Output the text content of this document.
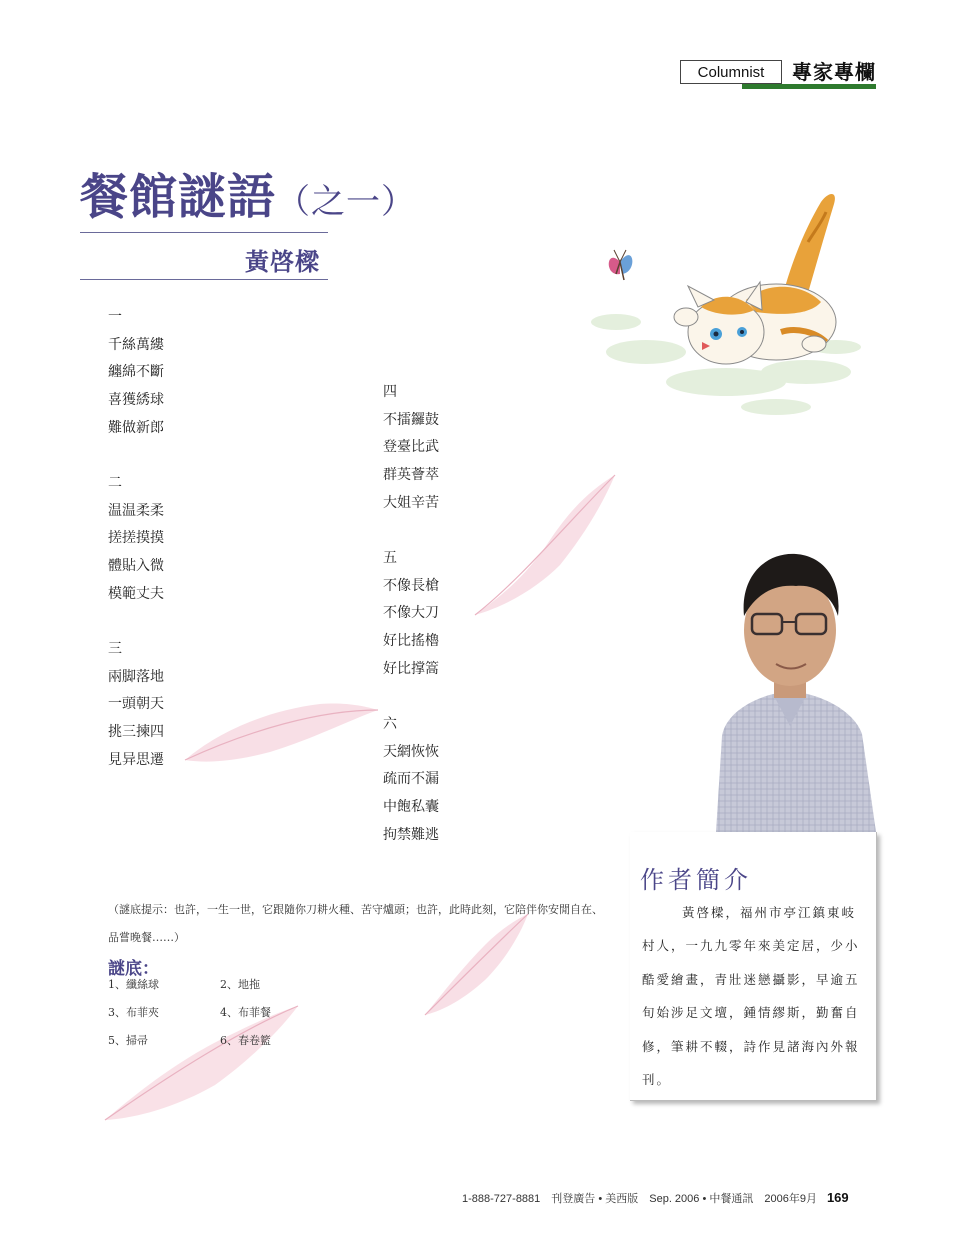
Columnist	專家專欄
餐館謎語（之一）
黃啓樑
一
千絲萬縷
纏綿不斷
喜獲綉球
難做新郎
二
温温柔柔
搓搓摸摸
體貼入微
模範丈夫
三
兩脚落地
一頭朝天
挑三揀四
見异思遷
四
不擂鑼鼓
登臺比武
群英薈萃
大姐辛苦
五
不像長槍
不像大刀
好比搖櫓
好比撑篙
六
天網恢恢
疏而不漏
中飽私囊
拘禁難逃
（謎底提示：也許，一生一世，它跟隨你刀耕火種、苦守爐頭；也許，此時此刻，它陪伴你安閒自在、品嘗晚餐……）
謎底：
1、纖絲球	2、地拖
3、布菲夾	4、布菲餐
5、掃帚	6、春卷籃
作者簡介
黃啓樑，福州市亭江鎮東岐村人，一九九零年來美定居，少小酷愛繪畫，青壯迷戀攝影，早逾五旬始涉足文壇，鍾情繆斯，勤奮自修，筆耕不輟，詩作見諸海內外報刊。
1-888-727-8881　刊登廣告 • 美西版　Sep. 2006 • 中餐通訊　2006年9月 169
